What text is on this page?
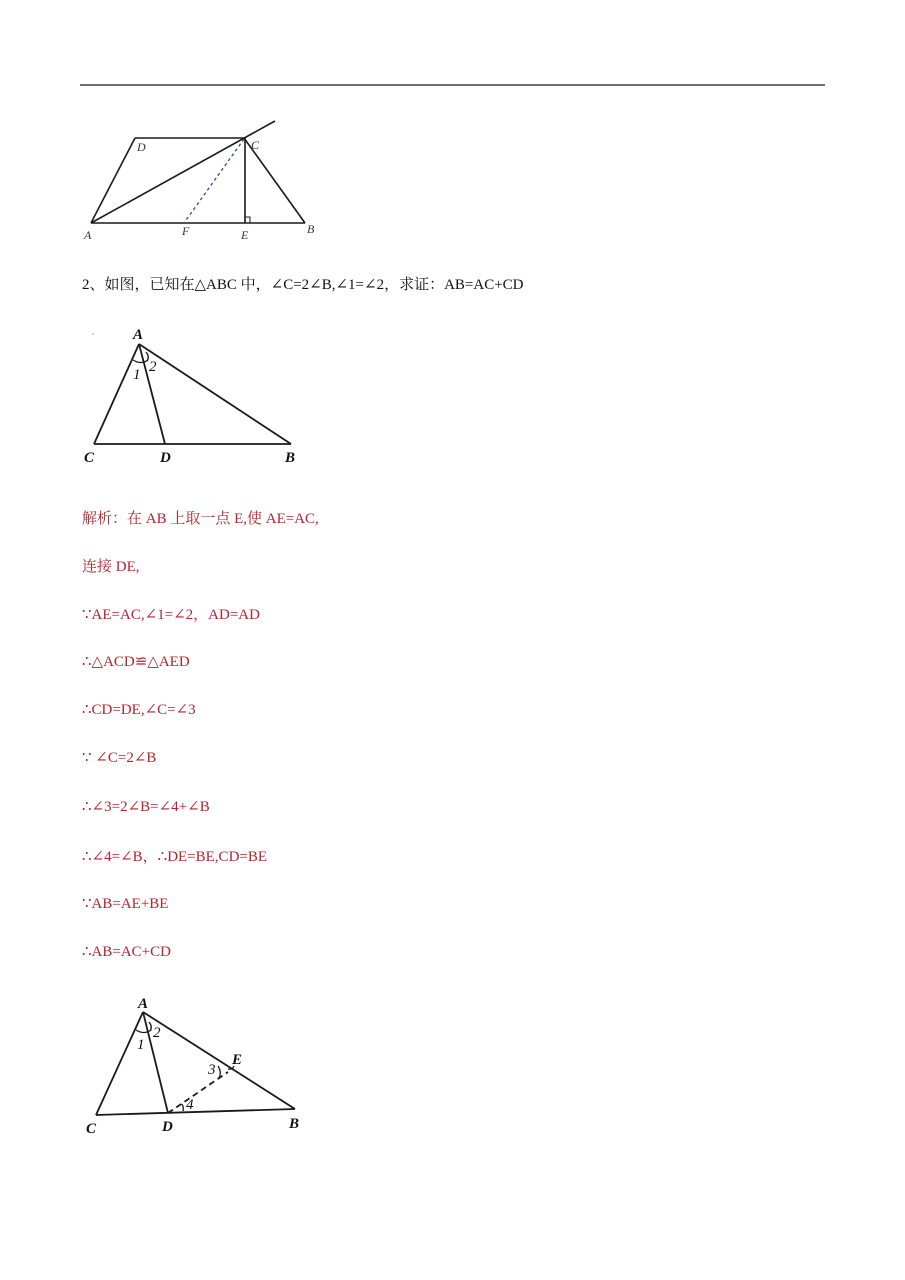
A
D	C
F	E	B
2、如图，已知在△ABC 中，∠C=2∠B,∠1=∠2，求证：AB=AC+CD
A
1 2
C	D	B
解析：在 AB 上取一点 E,使 AE=AC,
连接 DE,
∵AE=AC,∠1=∠2，AD=AD
∴△ACD≌△AED
∴CD=DE,∠C=∠3
∵ ∠C=2∠B
∴∠3=2∠B=∠4+∠B
∴∠4=∠B，∴DE=BE,CD=BE
∵AB=AE+BE
∴AB=AC+CD
A
1
2
3
E
4
C	D	B
